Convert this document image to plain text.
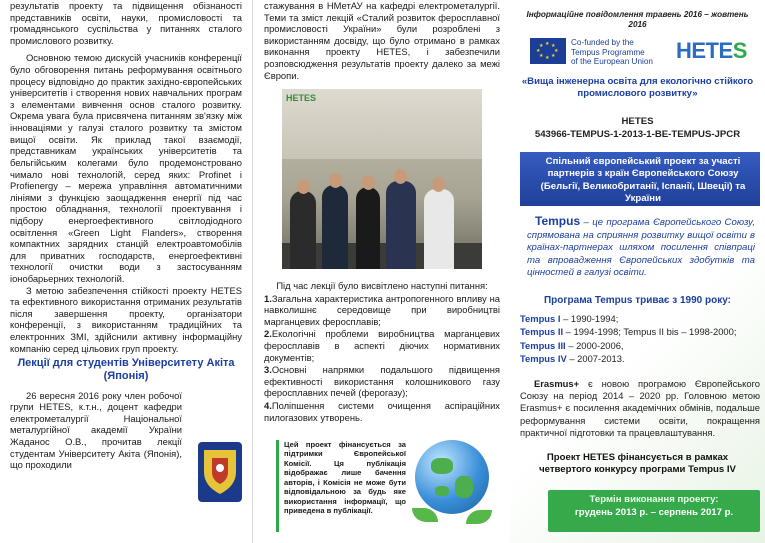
результатів проекту та підвищення обізнаності представників освіти, науки, промисловості та громадянського суспільства у питаннях сталого промислового розвитку.

Основною темою дискусій учасників конференції було обговорення питань реформування освітнього процесу відповідно до практик західно-європейських університетів і створення нових навчальних програм з елементами вивчення основ сталого розвитку. Окрема увага була присвячена питанням зв'язку між інноваціями у галузі сталого розвитку та змістом вищої освіти. Як приклад такої взаємодії, представникам українських університетів та бельгійським колегами було продемонстровано чимало нові технологій, серед яких: Profinet і Profienergy – мережа управління автоматичними лініями з функцією заощадження енергії під час простою обладнання, технології проектування і підбору енергоефективного світлодіодного освітлення «Green Light Flanders», створення компактних зарядних станцій електроавтомобілів для приватних господарств, енергоефективні технології очистки води з застосуванням іонобарьерних технологій.

З метою забезпечення стійкості проекту HETES та ефективного використання отриманих результатів після завершення проекту, організатори конференції, з використанням традиційних та електронних ЗМІ, здійснили активну інформаційну компанію серед цільових груп проекту.

Лекції для студентів Університету Акіта (Японія)

26 вересня 2016 року член робочої групи HETES, к.т.н., доцент кафедри електрометалургії Національної металургійної академії України Жаданос О.В., прочитав лекції студентам Університету Акіта (Японія), що проходили

стажування в НМетАУ на кафедрі електрометалургії. Теми та зміст лекцій «Сталий розвиток феросплавної промисловості України» були розроблені з використанням досвіду, що було отримано в рамках виконання проекту HETES, і забезпечили розповсюдження результатів проекту далеко за межі Європи.

HETES

Під час лекції було висвітлено наступні питання:

1.Загальна характеристика антропогенного впливу на навколишнє середовище при виробництві марганцевих феросплавів;

2.Екологічні проблеми виробництва марганцевих феросплавів в аспекті діючих нормативних документів;

3.Основні напрямки подальшого підвищення ефективності використання колошникового газу феросплавних печей (ферогазу);

4.Поліпшення системи очищення аспіраційних пилогазових утворень.

Цей проект фінансується за підтримки Європейської Комісії. Ця публікація відображає лише бачення авторів, і Комісія не може бути відповідальною за будь яке використання інформації, що приведена в публікації.

Інформаційне повідомлення травень 2016 – жовтень 2016
★ ★
★
★
★
★
★
★	Co-funded by the
Tempus Programme
of the European Union HETES
«Вища інженерна освіта для екологічно стійкого промислового розвитку»
HETES
543966-TEMPUS-1-2013-1-BE-TEMPUS-JPCR
Спільний європейський проект за участі партнерів з країн Європейського Союзу (Бельгії, Великобританії, Іспанії, Швеції) та України
Tempus – це програма Європейського Союзу, спрямована на сприяння розвитку вищої освіти в країнах-партнерах шляхом посилення співпраці та впровадження Європейських здобутків та цінностей в галузі освіти.
Програма Tempus триває з 1990 року:
Tempus I – 1990-1994;
Tempus II – 1994-1998; Tempus II bis – 1998-2000;
Tempus III – 2000-2006,
Tempus IV – 2007-2013.
Erasmus+ є новою програмою Європейського Союзу на період 2014 – 2020 рр. Головною метою Erasmus+ є посилення академічних обмінів, подальше реформування системи освіти, покращення практичної підготовки та працевлаштування.
Проект HETES фінансується в рамках четвертого конкурсу програми Tempus IV
Термін виконання проекту:
грудень 2013 р. – серпень 2017 р.
